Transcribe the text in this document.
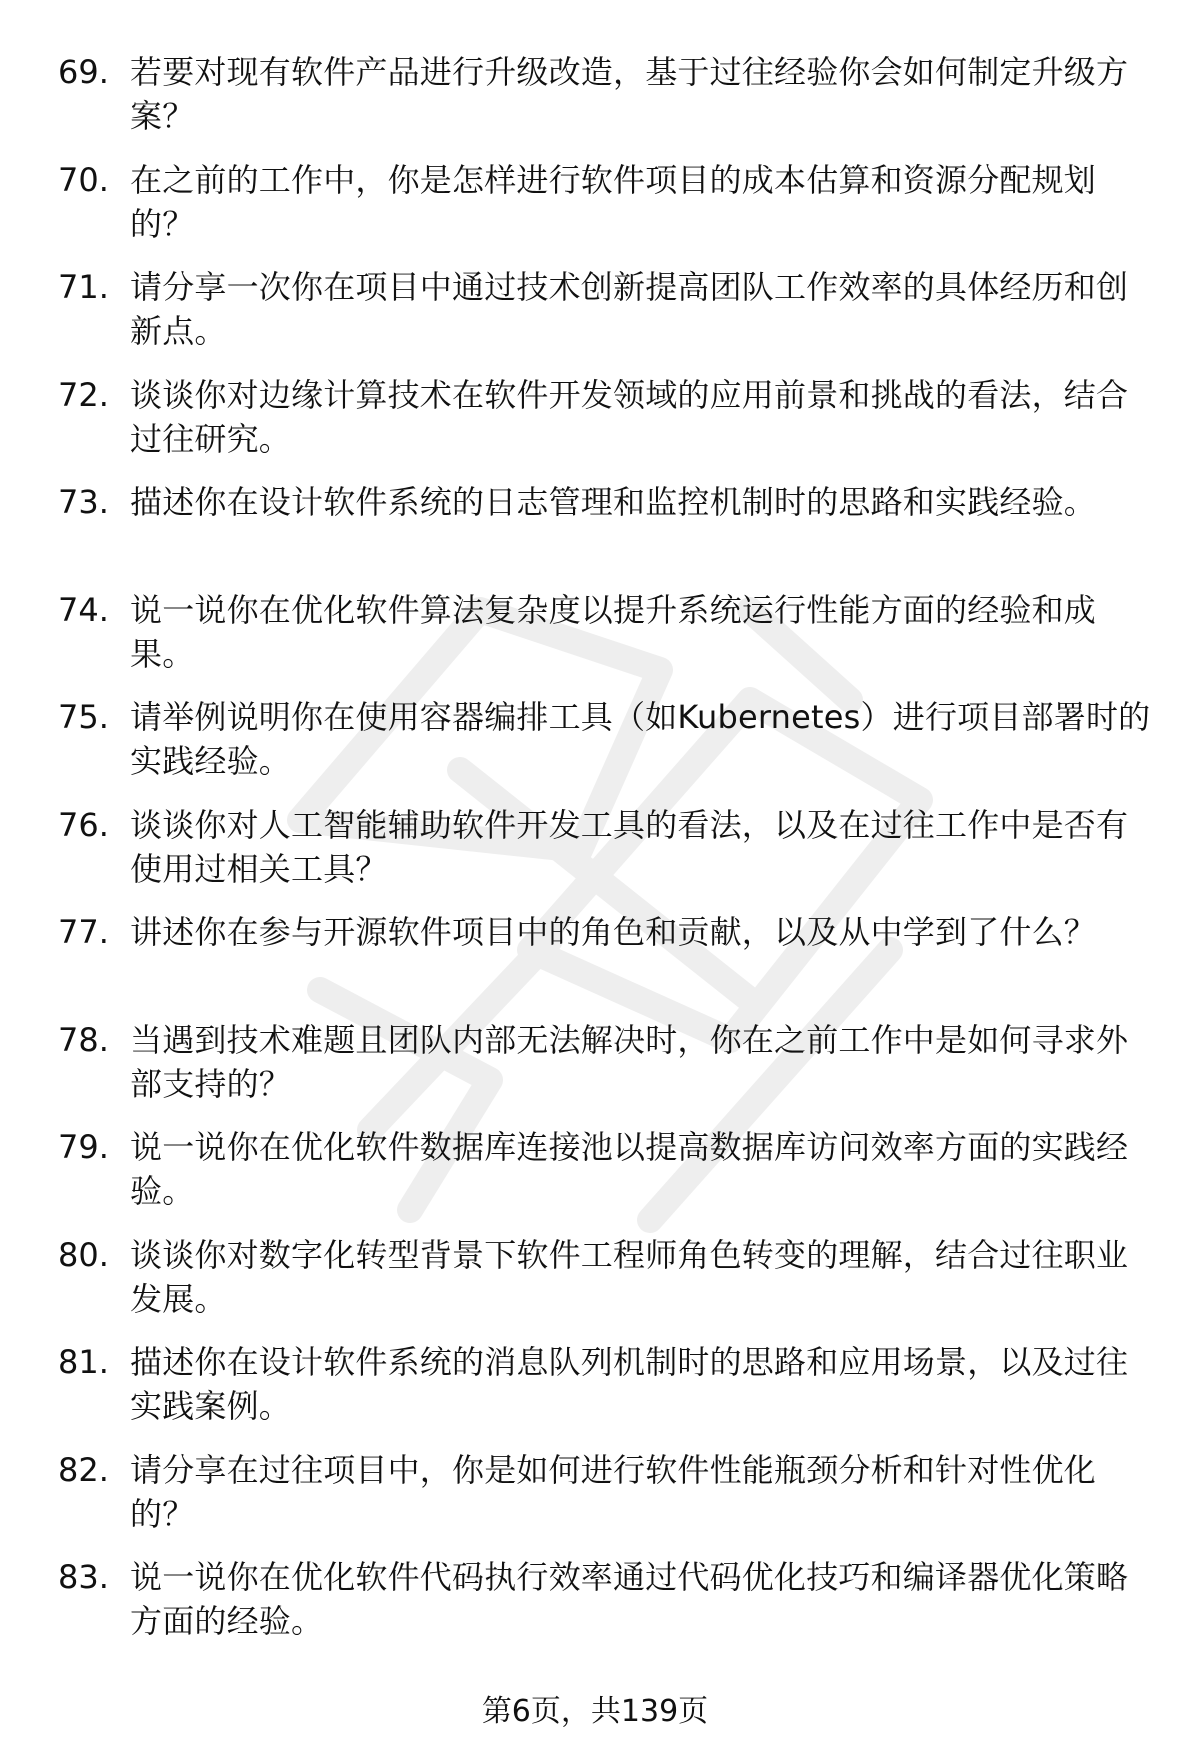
69. 若要对现有软件产品进行升级改造，基于过往经验你会如何制定升级方案？
70. 在之前的工作中，你是怎样进行软件项目的成本估算和资源分配规划的？
71. 请分享一次你在项目中通过技术创新提高团队工作效率的具体经历和创新点。
72. 谈谈你对边缘计算技术在软件开发领域的应用前景和挑战的看法，结合过往研究。
73. 描述你在设计软件系统的日志管理和监控机制时的思路和实践经验。
74. 说一说你在优化软件算法复杂度以提升系统运行性能方面的经验和成果。
75. 请举例说明你在使用容器编排工具（如Kubernetes）进行项目部署时的实践经验。
76. 谈谈你对人工智能辅助软件开发工具的看法，以及在过往工作中是否有使用过相关工具？
77. 讲述你在参与开源软件项目中的角色和贡献，以及从中学到了什么？
78. 当遇到技术难题且团队内部无法解决时，你在之前工作中是如何寻求外部支持的？
79. 说一说你在优化软件数据库连接池以提高数据库访问效率方面的实践经验。
80. 谈谈你对数字化转型背景下软件工程师角色转变的理解，结合过往职业发展。
81. 描述你在设计软件系统的消息队列机制时的思路和应用场景，以及过往实践案例。
82. 请分享在过往项目中，你是如何进行软件性能瓶颈分析和针对性优化的？
83. 说一说你在优化软件代码执行效率通过代码优化技巧和编译器优化策略方面的经验。
第6页，共139页
